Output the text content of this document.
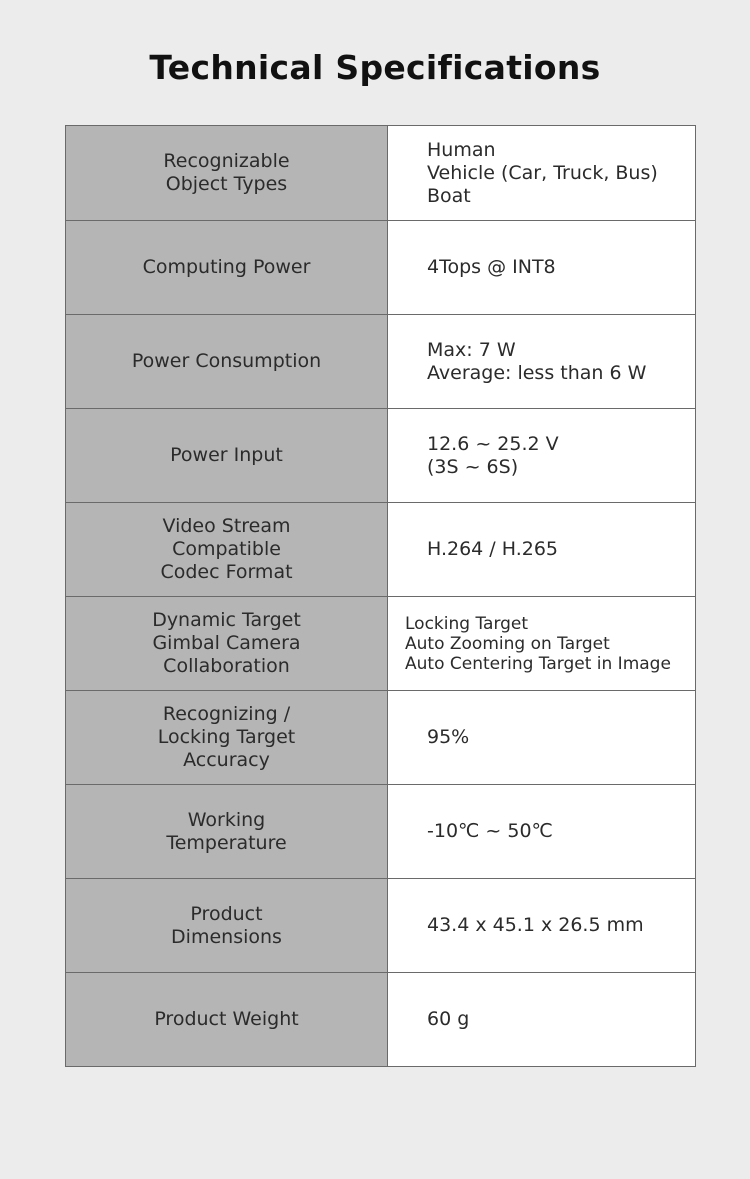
Technical Specifications
Recognizable
Object Types
Human
Vehicle (Car, Truck, Bus)
Boat
Computing Power	4Tops @ INT8
Power Consumption
Max: 7 W
Average: less than 6 W
Power Input
12.6 ~ 25.2 V
(3S ~ 6S)
Video Stream
Compatible
Codec Format
H.264 / H.265
Dynamic Target
Gimbal Camera
Collaboration
Locking Target
Auto Zooming on Target
Auto Centering Target in Image
Recognizing /
Locking Target
Accuracy
95%
Working
Temperature
-10℃ ~ 50℃
Product
Dimensions
43.4 x 45.1 x 26.5 mm
Product Weight	60 g
